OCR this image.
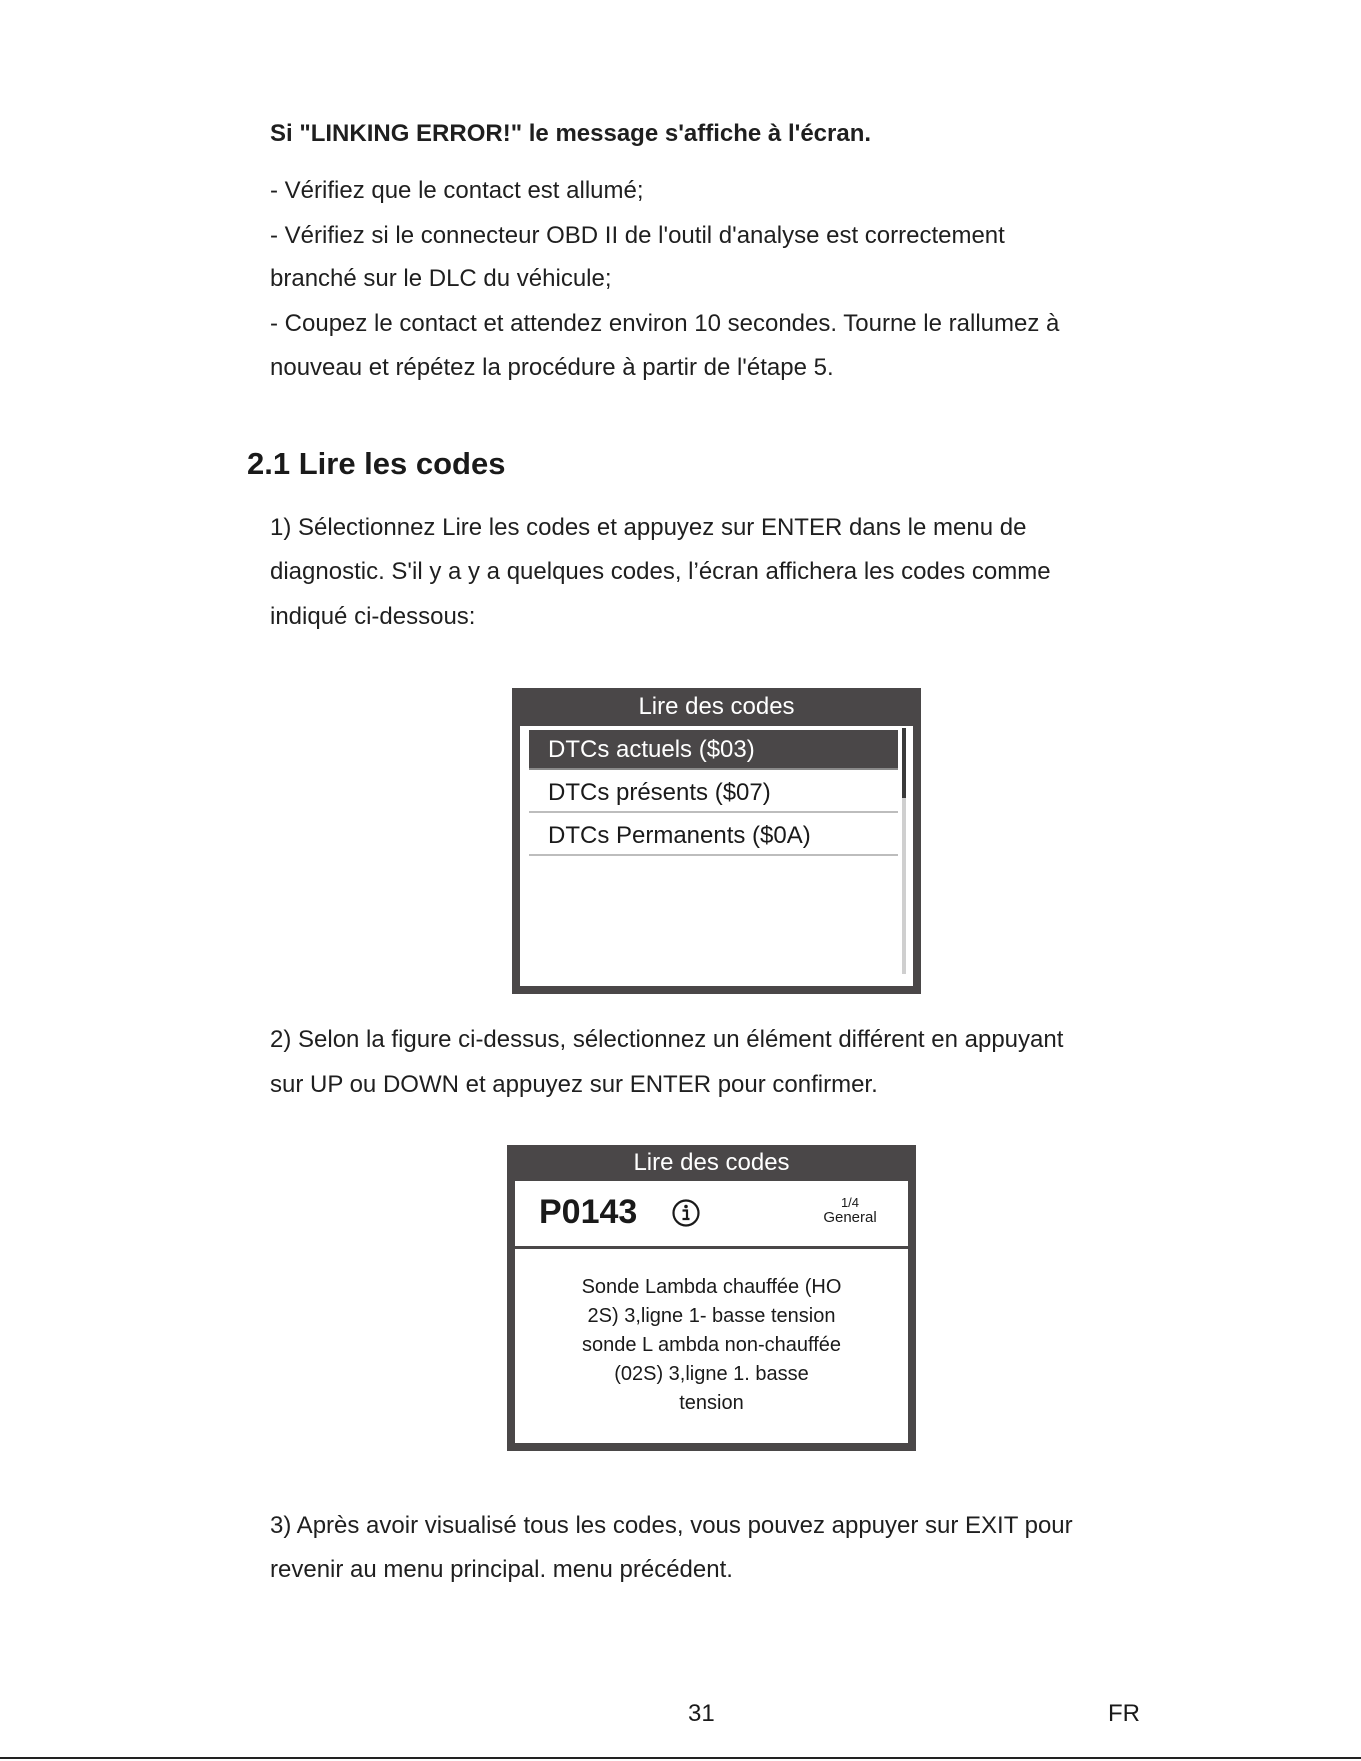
Si "LINKING ERROR!" le message s'affiche à l'écran.
- Vérifiez que le contact est allumé;
- Vérifiez si le connecteur OBD II de l'outil d'analyse est correctement
branché sur le DLC du véhicule;
- Coupez le contact et attendez environ 10 secondes. Tourne le rallumez à
nouveau et répétez la procédure à partir de l'étape 5.
2.1 Lire les codes
1) Sélectionnez Lire les codes et appuyez sur ENTER dans le menu de
diagnostic. S'il y a y a quelques codes, l’écran affichera les codes comme
indiqué ci-dessous:
Lire des codes
DTCs actuels ($03)
DTCs présents ($07)
DTCs Permanents ($0A)
2) Selon la figure ci-dessus, sélectionnez un élément différent en appuyant
sur UP ou DOWN et appuyez sur ENTER pour confirmer.
Lire des codes
P0143	1/4
General
Sonde Lambda chauffée (HO
2S) 3,ligne 1- basse tension
sonde L ambda non-chauffée
(02S) 3,ligne 1. basse
tension
3) Après avoir visualisé tous les codes, vous pouvez appuyer sur EXIT pour
revenir au menu principal. menu précédent.
31	FR
